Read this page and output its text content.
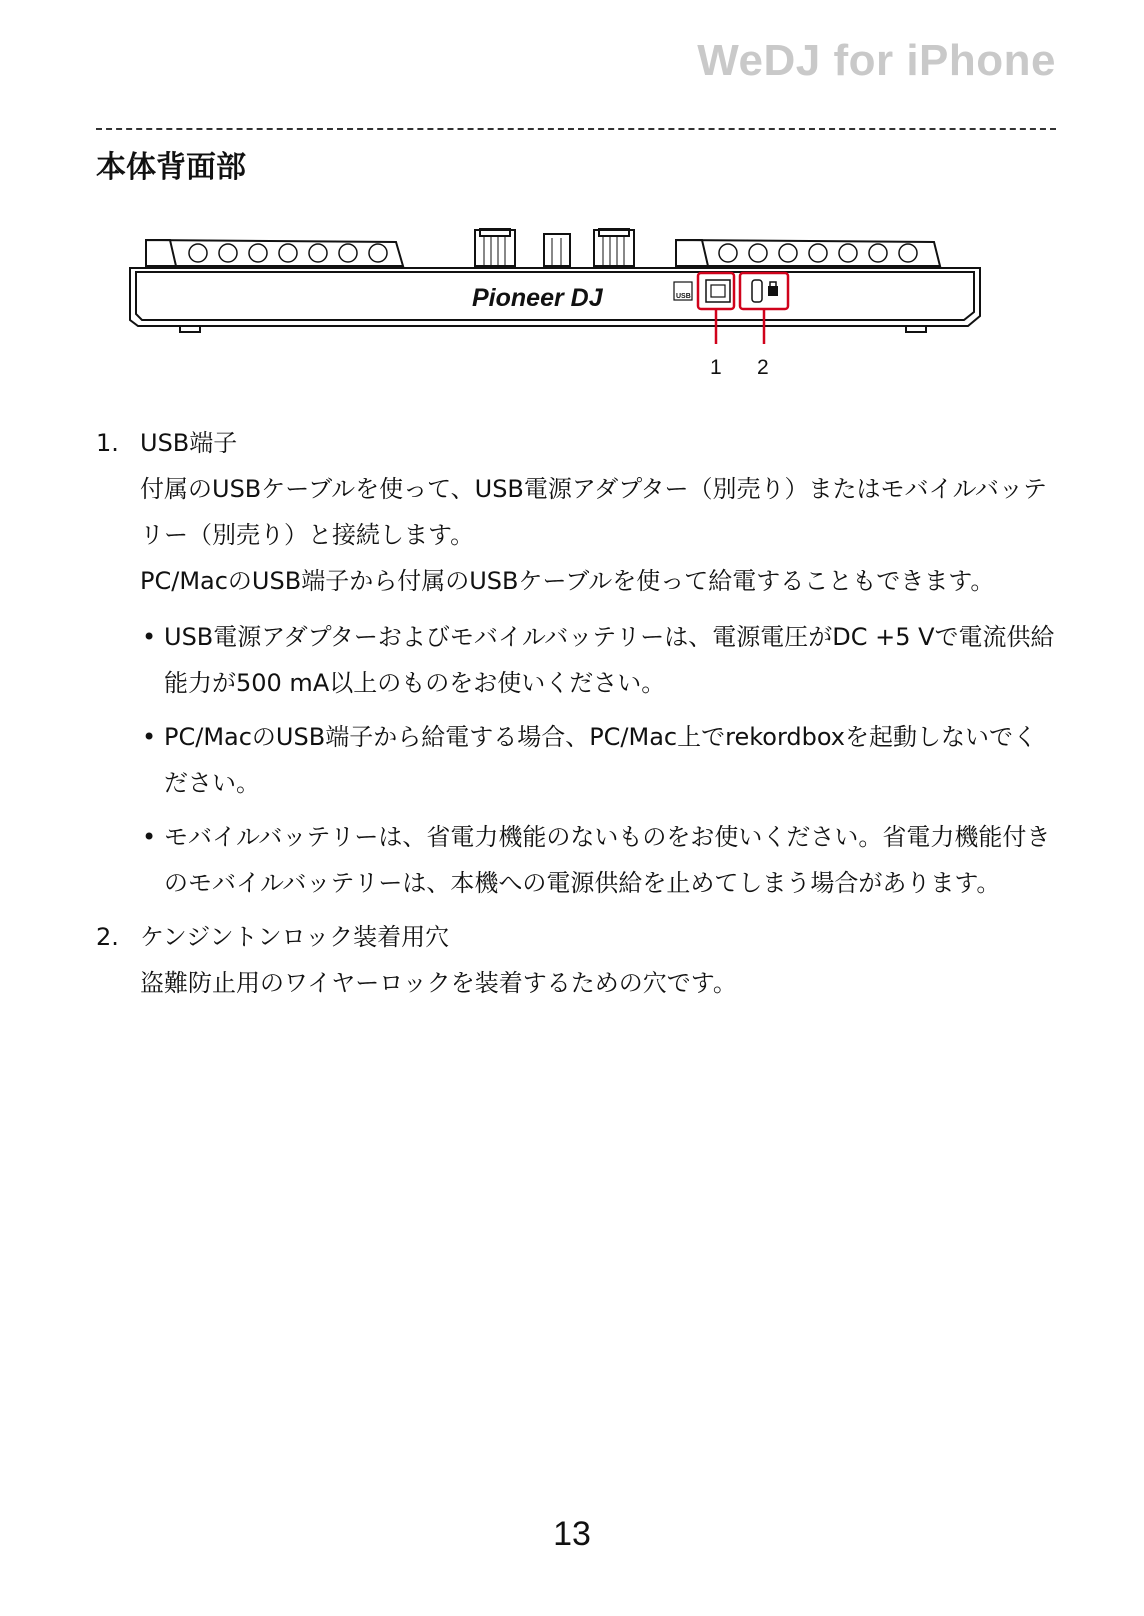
WeDJ for iPhone
本体背面部
Pioneer DJ	USB
1 2
1. USB端子

付属のUSBケーブルを使って、USB電源アダプター（別売り）またはモバイルバッテリー（別売り）と接続します。

PC/MacのUSB端子から付属のUSBケーブルを使って給電することもできます。

• USB電源アダプターおよびモバイルバッテリーは、電源電圧がDC +5 Vで電流供給能力が500 mA以上のものをお使いください。
• PC/MacのUSB端子から給電する場合、PC/Mac上でrekordboxを起動しないでください。
• モバイルバッテリーは、省電力機能のないものをお使いください。省電力機能付きのモバイルバッテリーは、本機への電源供給を止めてしまう場合があります。
2. ケンジントンロック装着用穴

盗難防止用のワイヤーロックを装着するための穴です。

13
